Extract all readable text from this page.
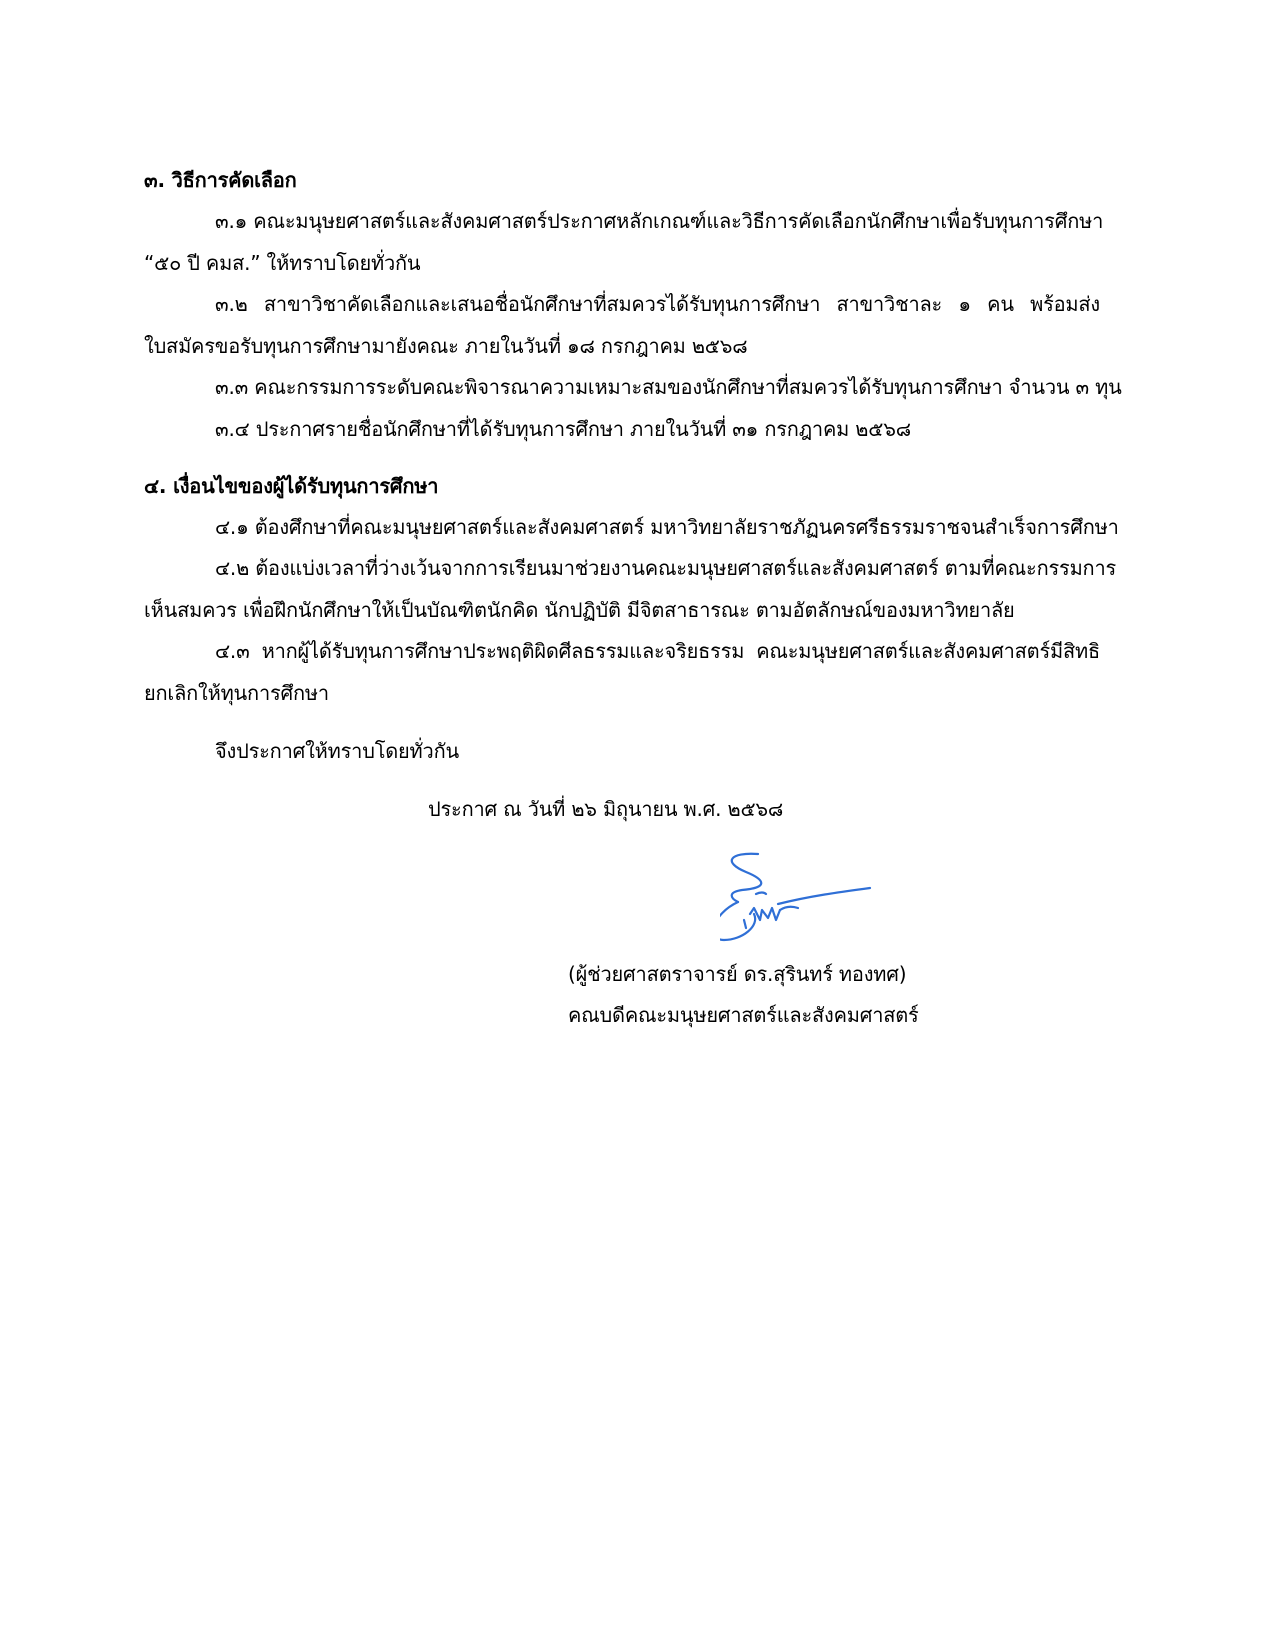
๓. วิธีการคัดเลือก
๓.๑ คณะมนุษยศาสตร์และสังคมศาสตร์ประกาศหลักเกณฑ์และวิธีการคัดเลือกนักศึกษาเพื่อรับทุนการศึกษา
“๕๐ ปี คมส.” ให้ทราบโดยทั่วกัน
๓.๒ สาขาวิชาคัดเลือกและเสนอชื่อนักศึกษาที่สมควรได้รับทุนการศึกษา สาขาวิชาละ ๑ คน พร้อมส่ง
ใบสมัครขอรับทุนการศึกษามายังคณะ ภายในวันที่ ๑๘ กรกฎาคม ๒๕๖๘
๓.๓ คณะกรรมการระดับคณะพิจารณาความเหมาะสมของนักศึกษาที่สมควรได้รับทุนการศึกษา จำนวน ๓ ทุน
๓.๔ ประกาศรายชื่อนักศึกษาที่ได้รับทุนการศึกษา ภายในวันที่ ๓๑ กรกฎาคม ๒๕๖๘
๔. เงื่อนไขของผู้ได้รับทุนการศึกษา
๔.๑ ต้องศึกษาที่คณะมนุษยศาสตร์และสังคมศาสตร์ มหาวิทยาลัยราชภัฏนครศรีธรรมราชจนสำเร็จการศึกษา
๔.๒ ต้องแบ่งเวลาที่ว่างเว้นจากการเรียนมาช่วยงานคณะมนุษยศาสตร์และสังคมศาสตร์ ตามที่คณะกรรมการ
เห็นสมควร เพื่อฝึกนักศึกษาให้เป็นบัณฑิตนักคิด นักปฏิบัติ มีจิตสาธารณะ ตามอัตลักษณ์ของมหาวิทยาลัย
๔.๓ หากผู้ได้รับทุนการศึกษาประพฤติผิดศีลธรรมและจริยธรรม คณะมนุษยศาสตร์และสังคมศาสตร์มีสิทธิ
ยกเลิกให้ทุนการศึกษา
จึงประกาศให้ทราบโดยทั่วกัน
ประกาศ ณ วันที่ ๒๖ มิถุนายน พ.ศ. ๒๕๖๘
(ผู้ช่วยศาสตราจารย์ ดร.สุรินทร์ ทองทศ)
คณบดีคณะมนุษยศาสตร์และสังคมศาสตร์
